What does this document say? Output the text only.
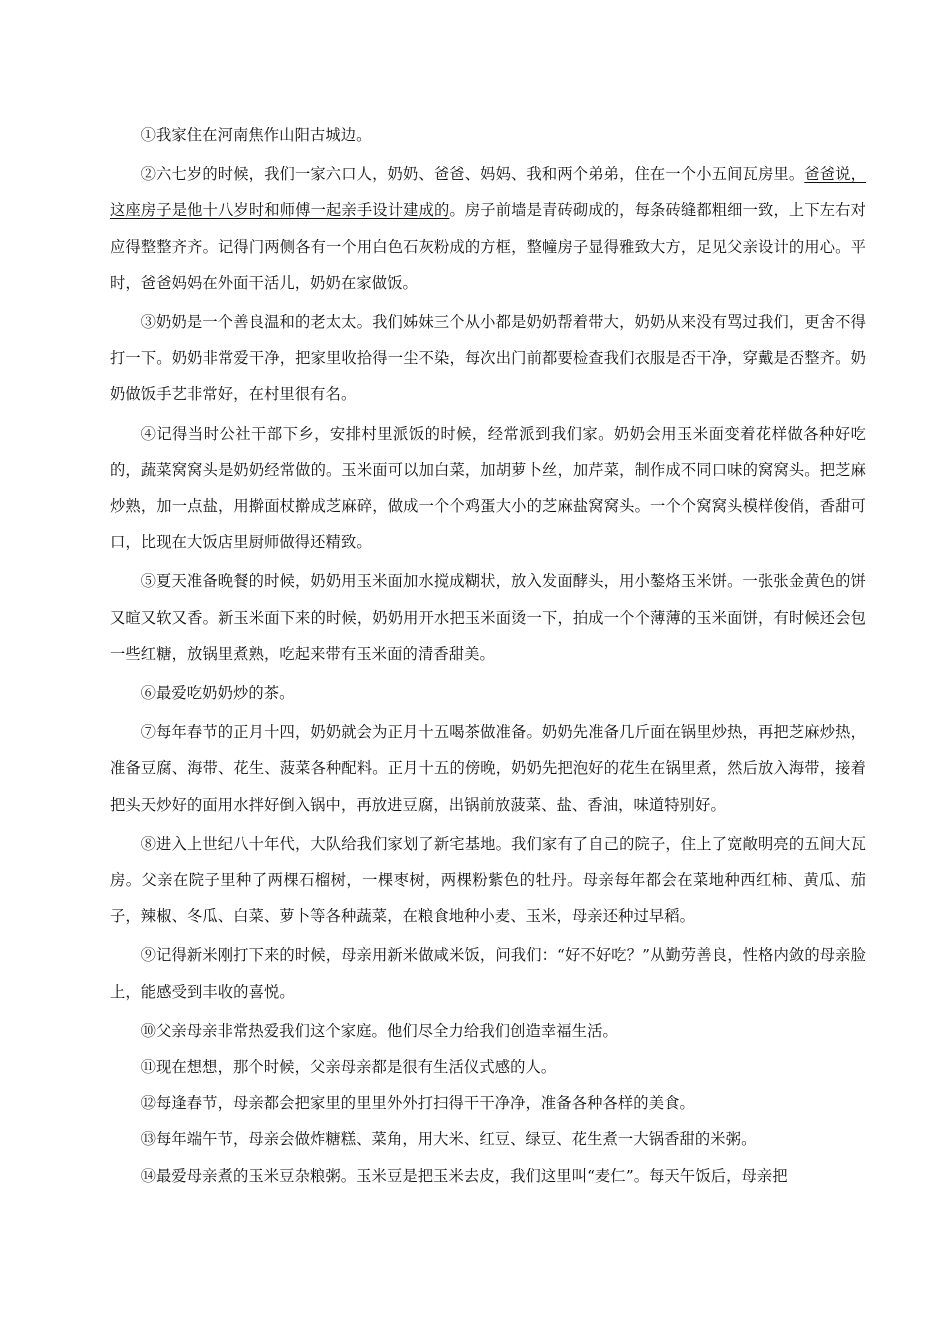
①我家住在河南焦作山阳古城边。

②六七岁的时候，我们一家六口人，奶奶、爸爸、妈妈、我和两个弟弟，住在一个小五间瓦房里。爸爸说，这座房子是他十八岁时和师傅一起亲手设计建成的。房子前墙是青砖砌成的，每条砖缝都粗细一致，上下左右对应得整整齐齐。记得门两侧各有一个用白色石灰粉成的方框，整幢房子显得雅致大方，足见父亲设计的用心。平时，爸爸妈妈在外面干活儿，奶奶在家做饭。

③奶奶是一个善良温和的老太太。我们姊妹三个从小都是奶奶帮着带大，奶奶从来没有骂过我们，更舍不得打一下。奶奶非常爱干净，把家里收拾得一尘不染，每次出门前都要检查我们衣服是否干净，穿戴是否整齐。奶奶做饭手艺非常好，在村里很有名。

④记得当时公社干部下乡，安排村里派饭的时候，经常派到我们家。奶奶会用玉米面变着花样做各种好吃的，蔬菜窝窝头是奶奶经常做的。玉米面可以加白菜，加胡萝卜丝，加芹菜，制作成不同口味的窝窝头。把芝麻炒熟，加一点盐，用擀面杖擀成芝麻碎，做成一个个鸡蛋大小的芝麻盐窝窝头。一个个窝窝头模样俊俏，香甜可口，比现在大饭店里厨师做得还精致。

⑤夏天准备晚餐的时候，奶奶用玉米面加水搅成糊状，放入发面酵头，用小鏊烙玉米饼。一张张金黄色的饼又暄又软又香。新玉米面下来的时候，奶奶用开水把玉米面烫一下，拍成一个个薄薄的玉米面饼，有时候还会包一些红糖，放锅里煮熟，吃起来带有玉米面的清香甜美。

⑥最爱吃奶奶炒的茶。

⑦每年春节的正月十四，奶奶就会为正月十五喝茶做准备。奶奶先准备几斤面在锅里炒热，再把芝麻炒热，准备豆腐、海带、花生、菠菜各种配料。正月十五的傍晚，奶奶先把泡好的花生在锅里煮，然后放入海带，接着把头天炒好的面用水拌好倒入锅中，再放进豆腐，出锅前放菠菜、盐、香油，味道特别好。

⑧进入上世纪八十年代，大队给我们家划了新宅基地。我们家有了自己的院子，住上了宽敞明亮的五间大瓦房。父亲在院子里种了两棵石榴树，一棵枣树，两棵粉紫色的牡丹。母亲每年都会在菜地种西红柿、黄瓜、茄子，辣椒、冬瓜、白菜、萝卜等各种蔬菜，在粮食地种小麦、玉米，母亲还种过早稻。

⑨记得新米刚打下来的时候，母亲用新米做咸米饭，问我们：“好不好吃？”从勤劳善良，性格内敛的母亲脸上，能感受到丰收的喜悦。

⑩父亲母亲非常热爱我们这个家庭。他们尽全力给我们创造幸福生活。

⑪现在想想，那个时候，父亲母亲都是很有生活仪式感的人。

⑫每逢春节，母亲都会把家里的里里外外打扫得干干净净，准备各种各样的美食。

⑬每年端午节，母亲会做炸糖糕、菜角，用大米、红豆、绿豆、花生煮一大锅香甜的米粥。

⑭最爱母亲煮的玉米豆杂粮粥。玉米豆是把玉米去皮，我们这里叫“麦仁”。每天午饭后，母亲把
